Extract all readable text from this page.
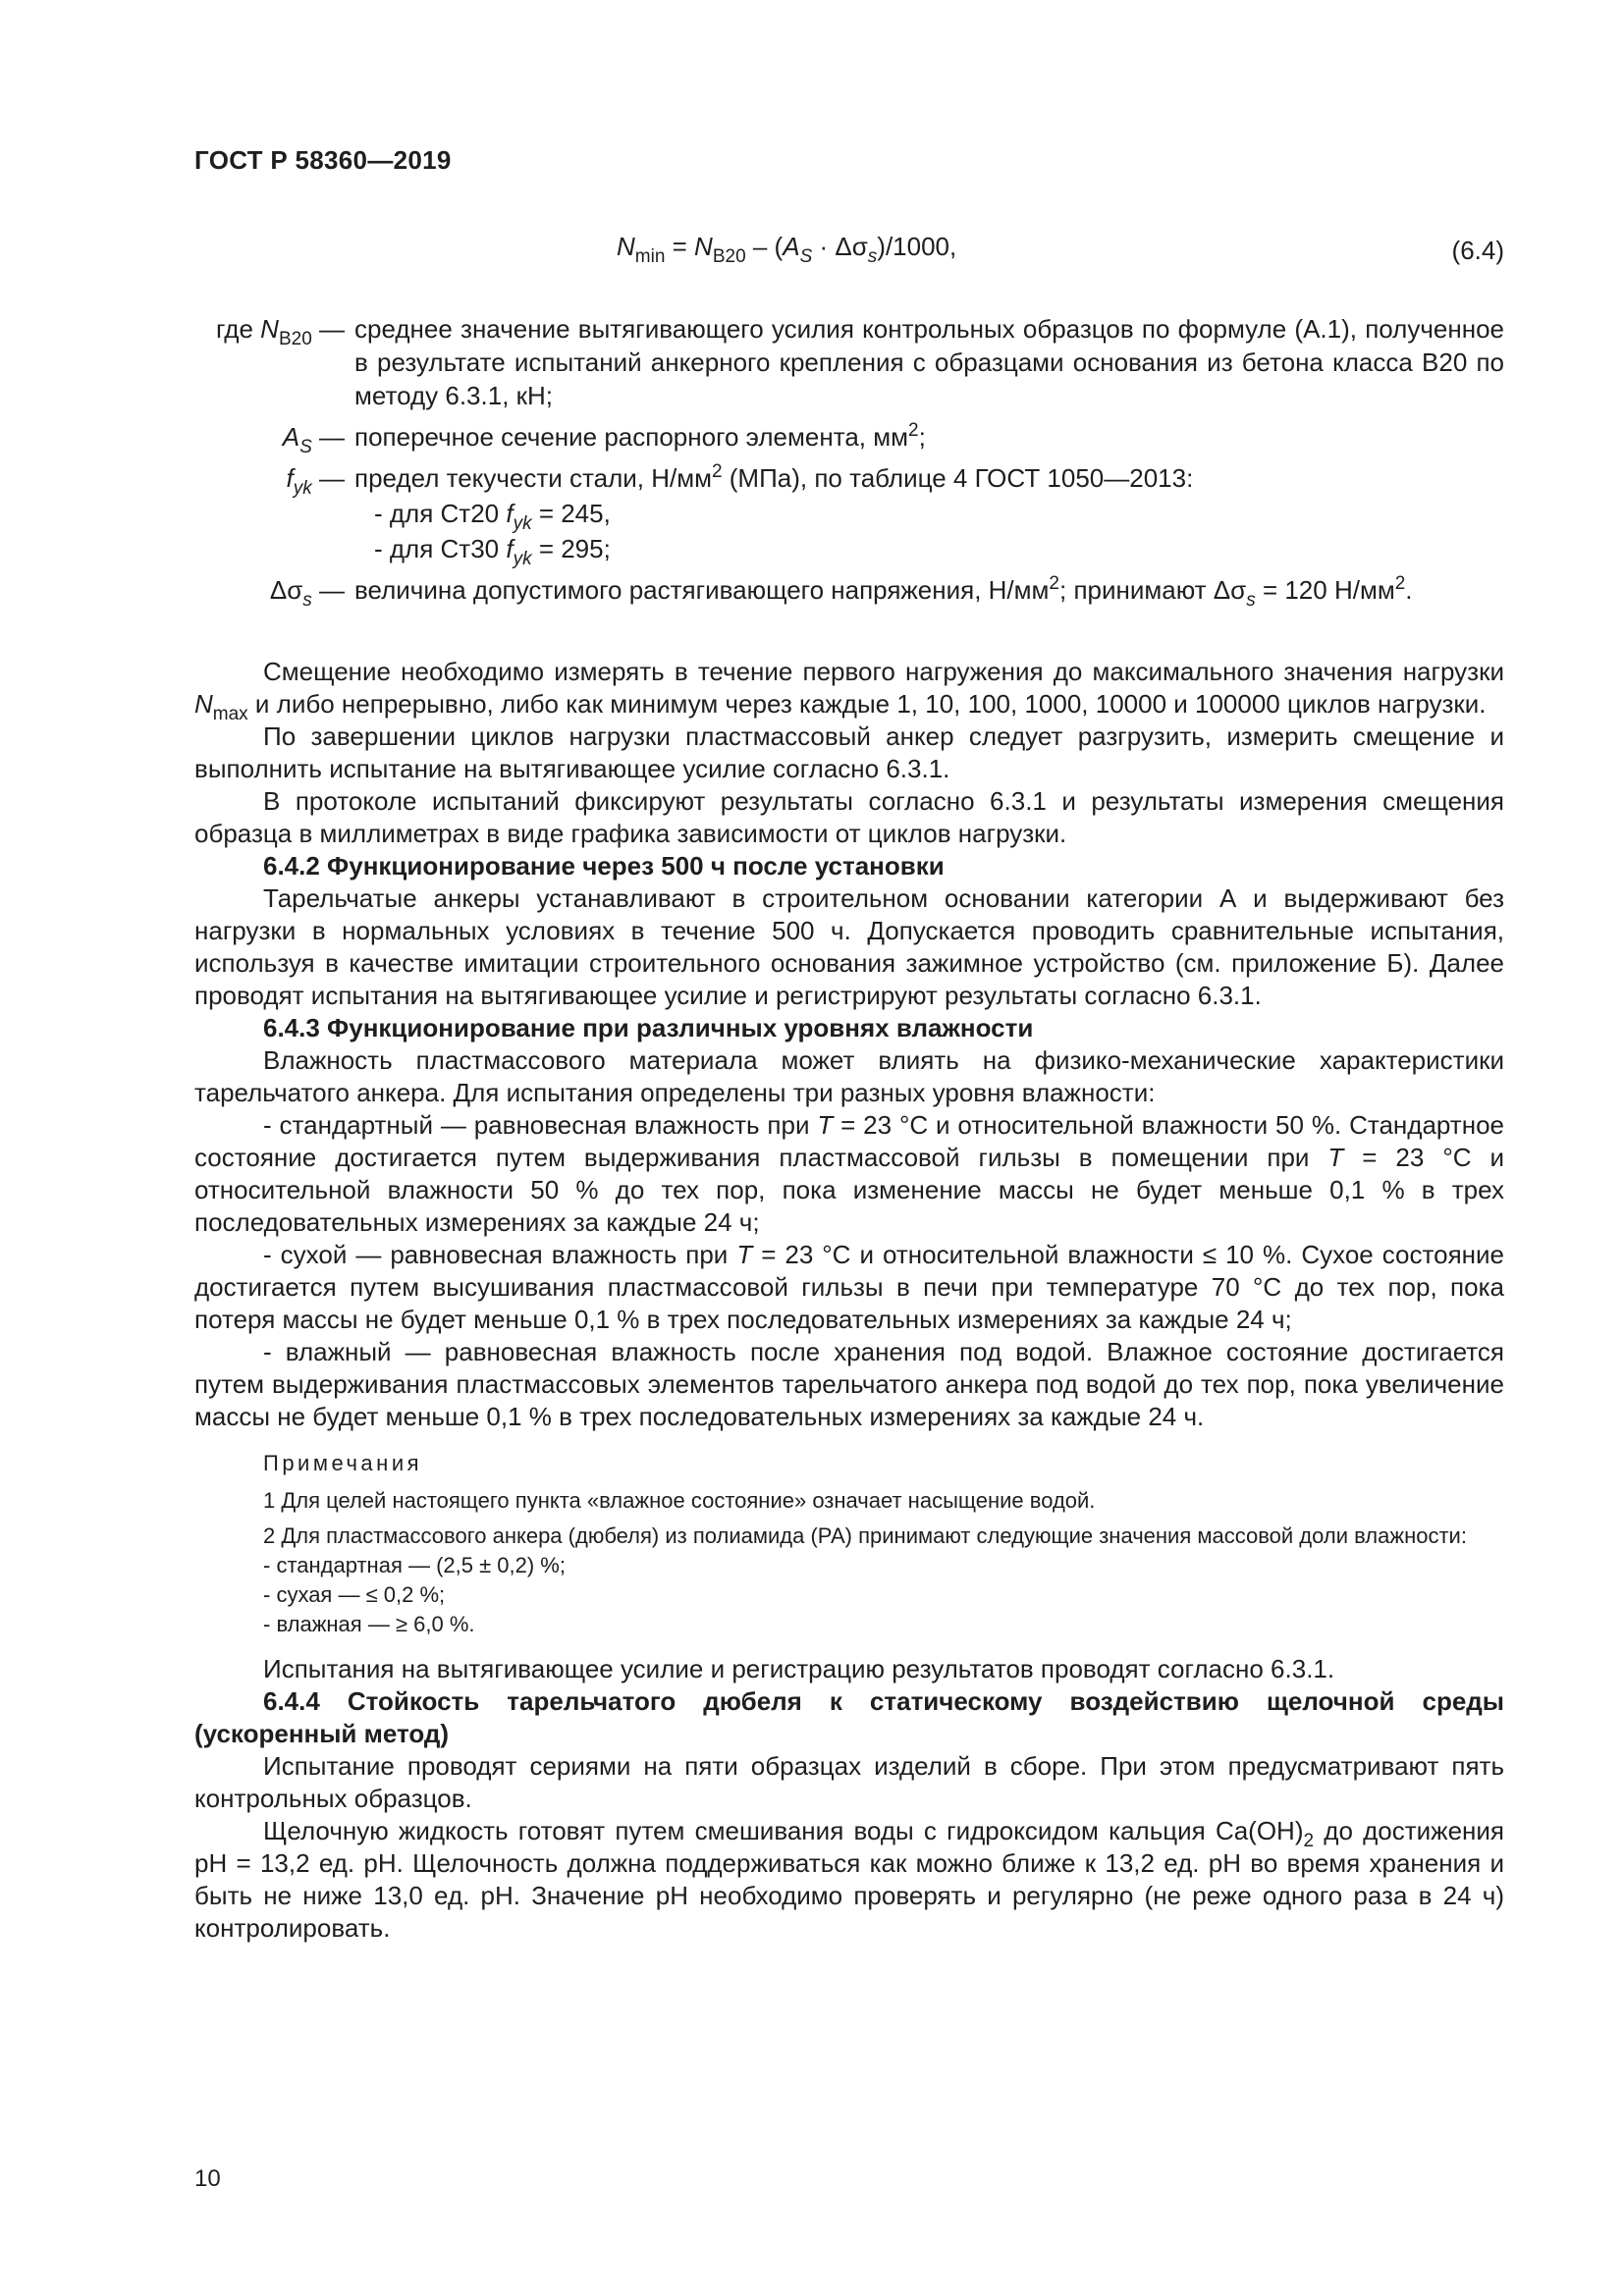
ГОСТ Р 58360—2019
$N_{min} = N_{B20} - (A_S \cdot \Delta\sigma_s)/1000$,	(6.4)
где $N_{B20}$ — среднее значение вытягивающего усилия контрольных образцов по формуле (А.1), полученное в результате испытаний анкерного крепления с образцами основания из бетона класса В20 по методу 6.3.1, кН;
$A_S$ — поперечное сечение распорного элемента, $мм^2$;
$f_{yk}$ — предел текучести стали, $Н/мм^2$ (МПа), по таблице 4 ГОСТ 1050—2013:
- для Ст20 $f_{yk} = 245$,
- для Ст30 $f_{yk} = 295$;
$\Delta\sigma_s$ — величина допустимого растягивающего напряжения, $Н/мм^2$; принимают $\Delta\sigma_s = 120$ $Н/мм^2$.

Смещение необходимо измерять в течение первого нагружения до максимального значения нагрузки $N_{max}$ и либо непрерывно, либо как минимум через каждые 1, 10, 100, 1000, 10000 и 100000 циклов нагрузки.

По завершении циклов нагрузки пластмассовый анкер следует разгрузить, измерить смещение и выполнить испытание на вытягивающее усилие согласно 6.3.1.

В протоколе испытаний фиксируют результаты согласно 6.3.1 и результаты измерения смещения образца в миллиметрах в виде графика зависимости от циклов нагрузки.

6.4.2 Функционирование через 500 ч после установки

Тарельчатые анкеры устанавливают в строительном основании категории А и выдерживают без нагрузки в нормальных условиях в течение 500 ч. Допускается проводить сравнительные испытания, используя в качестве имитации строительного основания зажимное устройство (см. приложение Б). Далее проводят испытания на вытягивающее усилие и регистрируют результаты согласно 6.3.1.

6.4.3 Функционирование при различных уровнях влажности

Влажность пластмассового материала может влиять на физико-механические характеристики тарельчатого анкера. Для испытания определены три разных уровня влажности:

- стандартный — равновесная влажность при T = 23 °С и относительной влажности 50 %. Стандартное состояние достигается путем выдерживания пластмассовой гильзы в помещении при T = 23 °С и относительной влажности 50 % до тех пор, пока изменение массы не будет меньше 0,1 % в трех последовательных измерениях за каждые 24 ч;

- сухой — равновесная влажность при T = 23 °С и относительной влажности ≤ 10 %. Сухое состояние достигается путем высушивания пластмассовой гильзы в печи при температуре 70 °С до тех пор, пока потеря массы не будет меньше 0,1 % в трех последовательных измерениях за каждые 24 ч;

- влажный — равновесная влажность после хранения под водой. Влажное состояние достигается путем выдерживания пластмассовых элементов тарельчатого анкера под водой до тех пор, пока увеличение массы не будет меньше 0,1 % в трех последовательных измерениях за каждые 24 ч.

Примечания

1 Для целей настоящего пункта «влажное состояние» означает насыщение водой.

2 Для пластмассового анкера (дюбеля) из полиамида (РА) принимают следующие значения массовой доли влажности:

- стандартная — (2,5 ± 0,2) %;
- сухая — ≤ 0,2 %;
- влажная — ≥ 6,0 %.

Испытания на вытягивающее усилие и регистрацию результатов проводят согласно 6.3.1.

6.4.4 Стойкость тарельчатого дюбеля к статическому воздействию щелочной среды (ускоренный метод)

Испытание проводят сериями на пяти образцах изделий в сборе. При этом предусматривают пять контрольных образцов.

Щелочную жидкость готовят путем смешивания воды с гидроксидом кальция $Ca(OH)_2$ до достижения рН = 13,2 ед. рН. Щелочность должна поддерживаться как можно ближе к 13,2 ед. рН во время хранения и быть не ниже 13,0 ед. рН. Значение рН необходимо проверять и регулярно (не реже одного раза в 24 ч) контролировать.

10
